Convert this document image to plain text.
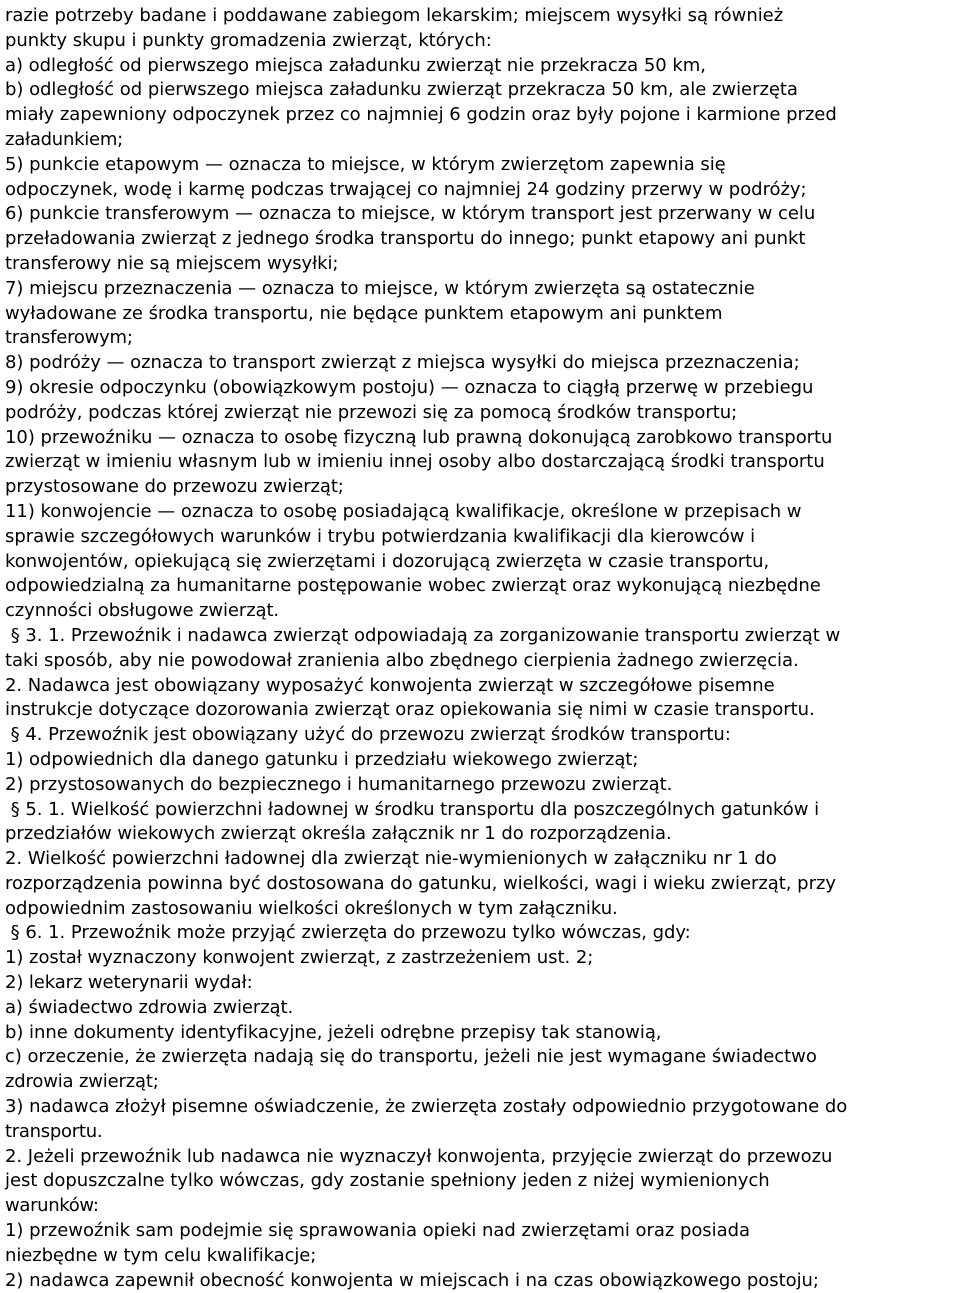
razie potrzeby badane i poddawane zabiegom lekarskim; miejscem wysyłki są również
punkty skupu i punkty gromadzenia zwierząt, których:
a) odległość od pierwszego miejsca załadunku zwierząt nie przekracza 50 km,
b) odległość od pierwszego miejsca załadunku zwierząt przekracza 50 km, ale zwierzęta
miały zapewniony odpoczynek przez co najmniej 6 godzin oraz były pojone i karmione przed
załadunkiem;
5) punkcie etapowym — oznacza to miejsce, w którym zwierzętom zapewnia się
odpoczynek, wodę i karmę podczas trwającej co najmniej 24 godziny przerwy w podróży;
6) punkcie transferowym — oznacza to miejsce, w którym transport jest przerwany w celu
przeładowania zwierząt z jednego środka transportu do innego; punkt etapowy ani punkt
transferowy nie są miejscem wysyłki;
7) miejscu przeznaczenia — oznacza to miejsce, w którym zwierzęta są ostatecznie
wyładowane ze środka transportu, nie będące punktem etapowym ani punktem
transferowym;
8) podróży — oznacza to transport zwierząt z miejsca wysyłki do miejsca przeznaczenia;
9) okresie odpoczynku (obowiązkowym postoju) — oznacza to ciągłą przerwę w przebiegu
podróży, podczas której zwierząt nie przewozi się za pomocą środków transportu;
10) przewoźniku — oznacza to osobę fizyczną lub prawną dokonującą zarobkowo transportu
zwierząt w imieniu własnym lub w imieniu innej osoby albo dostarczającą środki transportu
przystosowane do przewozu zwierząt;
11) konwojencie — oznacza to osobę posiadającą kwalifikacje, określone w przepisach w
sprawie szczegółowych warunków i trybu potwierdzania kwalifikacji dla kierowców i
konwojentów, opiekującą się zwierzętami i dozorującą zwierzęta w czasie transportu,
odpowiedzialną za humanitarne postępowanie wobec zwierząt oraz wykonującą niezbędne
czynności obsługowe zwierząt.
§ 3. 1. Przewoźnik i nadawca zwierząt odpowiadają za zorganizowanie transportu zwierząt w
taki sposób, aby nie powodował zranienia albo zbędnego cierpienia żadnego zwierzęcia.
2. Nadawca jest obowiązany wyposażyć konwojenta zwierząt w szczegółowe pisemne
instrukcje dotyczące dozorowania zwierząt oraz opiekowania się nimi w czasie transportu.
§ 4. Przewoźnik jest obowiązany użyć do przewozu zwierząt środków transportu:
1) odpowiednich dla danego gatunku i przedziału wiekowego zwierząt;
2) przystosowanych do bezpiecznego i humanitarnego przewozu zwierząt.
§ 5. 1. Wielkość powierzchni ładownej w środku transportu dla poszczególnych gatunków i
przedziałów wiekowych zwierząt określa załącznik nr 1 do rozporządzenia.
2. Wielkość powierzchni ładownej dla zwierząt nie-wymienionych w załączniku nr 1 do
rozporządzenia powinna być dostosowana do gatunku, wielkości, wagi i wieku zwierząt, przy
odpowiednim zastosowaniu wielkości określonych w tym załączniku.
§ 6. 1. Przewoźnik może przyjąć zwierzęta do przewozu tylko wówczas, gdy:
1) został wyznaczony konwojent zwierząt, z zastrzeżeniem ust. 2;
2) lekarz weterynarii wydał:
a) świadectwo zdrowia zwierząt.
b) inne dokumenty identyfikacyjne, jeżeli odrębne przepisy tak stanowią,
c) orzeczenie, że zwierzęta nadają się do transportu, jeżeli nie jest wymagane świadectwo
zdrowia zwierząt;
3) nadawca złożył pisemne oświadczenie, że zwierzęta zostały odpowiednio przygotowane do
transportu.
2. Jeżeli przewoźnik lub nadawca nie wyznaczył konwojenta, przyjęcie zwierząt do przewozu
jest dopuszczalne tylko wówczas, gdy zostanie spełniony jeden z niżej wymienionych
warunków:
1) przewoźnik sam podejmie się sprawowania opieki nad zwierzętami oraz posiada
niezbędne w tym celu kwalifikacje;
2) nadawca zapewnił obecność konwojenta w miejscach i na czas obowiązkowego postoju;
